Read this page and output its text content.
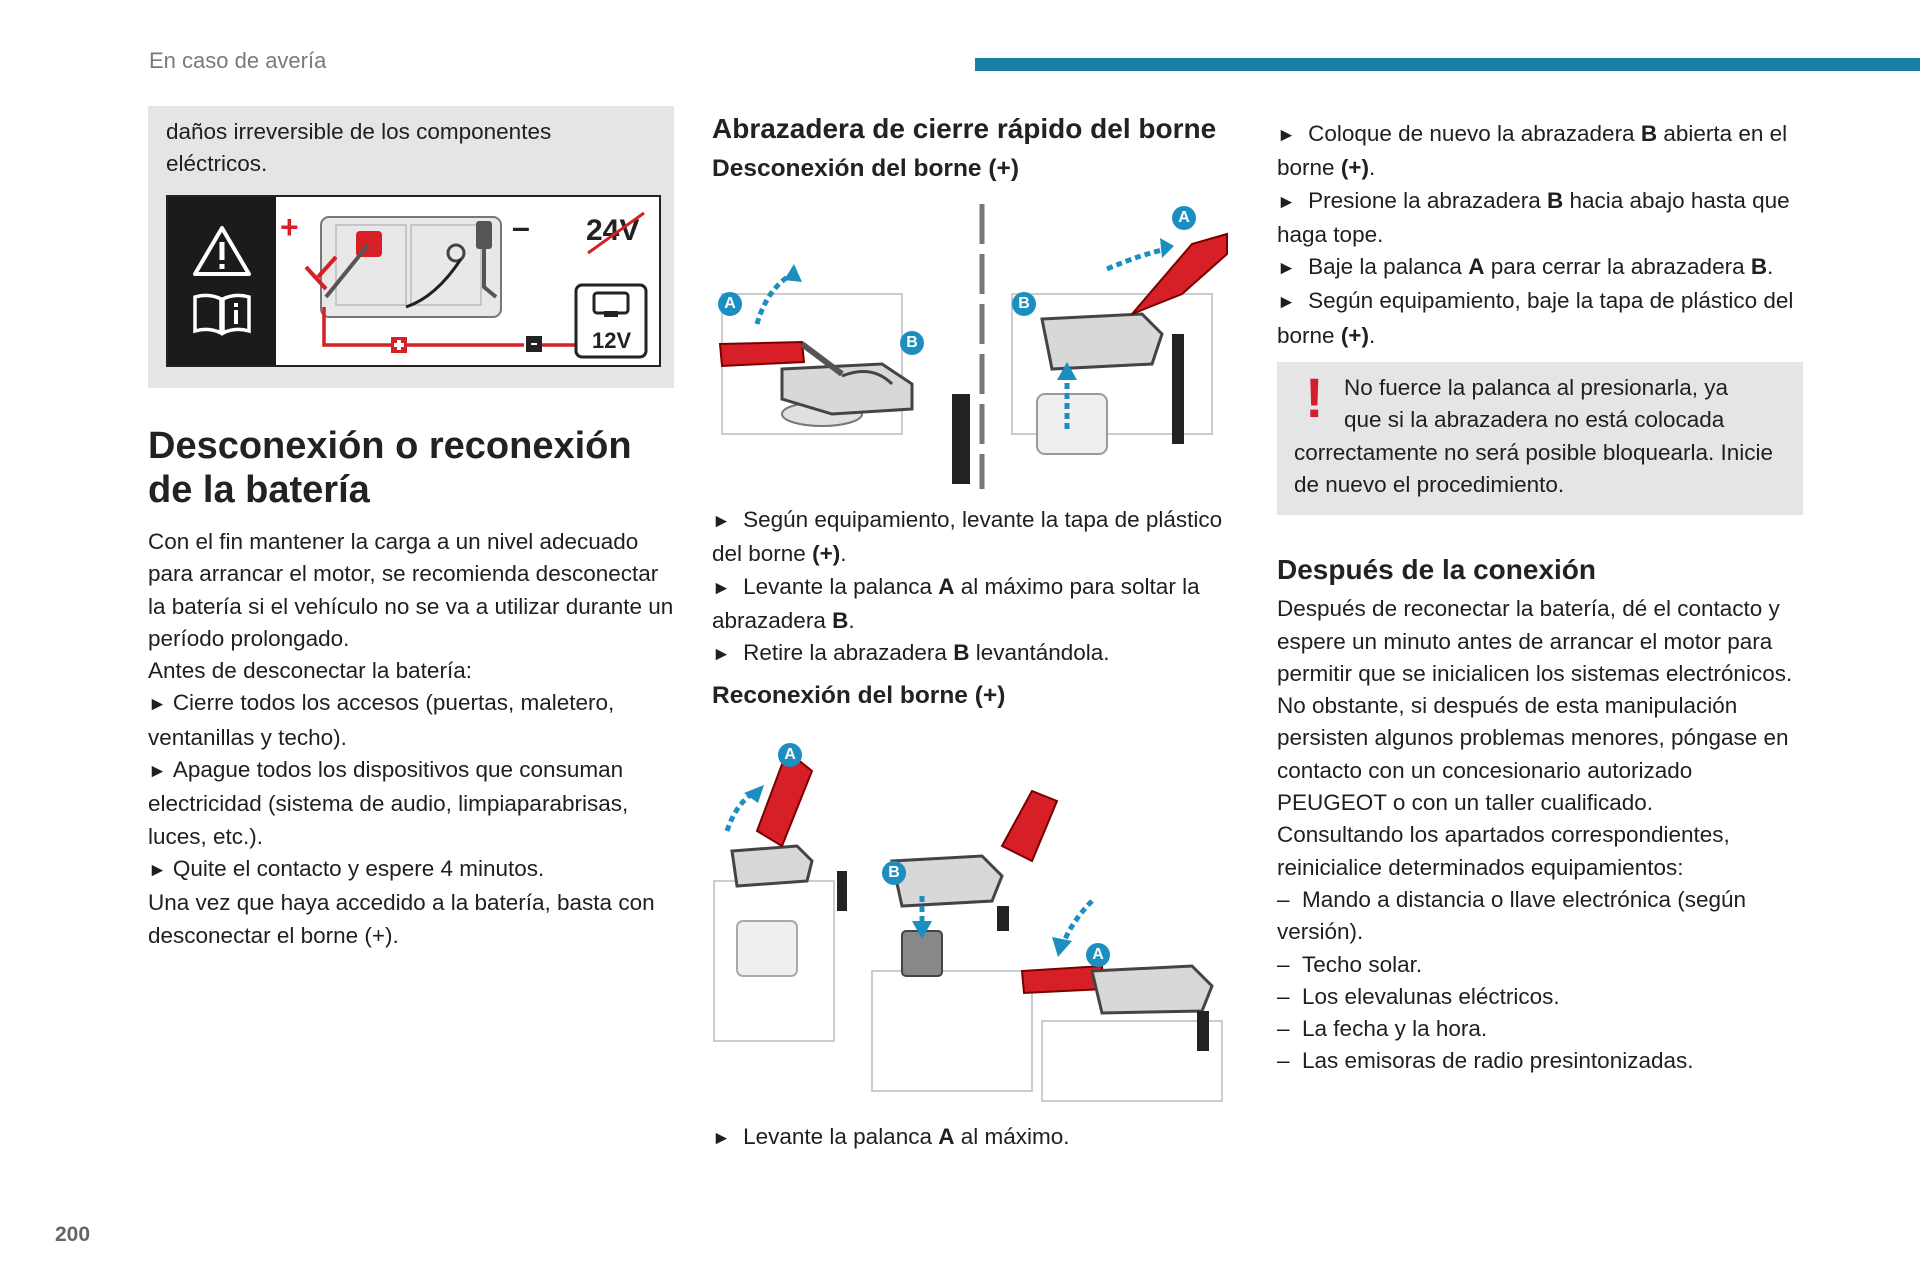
En caso de avería
200

daños irreversible de los componentes eléctricos.

+	– 24V
12V
Desconexión o reconexión de la batería

Con el fin mantener la carga a un nivel adecuado para arrancar el motor, se recomienda desconectar la batería si el vehículo no se va a utilizar durante un período prolongado.

Antes de desconectar la batería:

► Cierre todos los accesos (puertas, maletero, ventanillas y techo).

► Apague todos los dispositivos que consuman electricidad (sistema de audio, limpiaparabrisas, luces, etc.).

► Quite el contacto y espere 4 minutos.

Una vez que haya accedido a la batería, basta con desconectar el borne (+).

Abrazadera de cierre rápido del borne
Desconexión del borne (+)
A
B
B
A

► Según equipamiento, levante la tapa de plástico del borne (+).

► Levante la palanca A al máximo para soltar la abrazadera B.

► Retire la abrazadera B levantándola.

Reconexión del borne (+)
A
B
A

► Levante la palanca A al máximo.

► Coloque de nuevo la abrazadera B abierta en el borne (+).

► Presione la abrazadera B hacia abajo hasta que haga tope.

► Baje la palanca A para cerrar la abrazadera B.

► Según equipamiento, baje la tapa de plástico del borne (+).

! No fuerce la palanca al presionarla, ya

que si la abrazadera no está colocada

correctamente no será posible bloquearla. Inicie de nuevo el procedimiento.

Después de la conexión

Después de reconectar la batería, dé el contacto y espere un minuto antes de arrancar el motor para permitir que se inicialicen los sistemas electrónicos.

No obstante, si después de esta manipulación persisten algunos problemas menores, póngase en contacto con un concesionario autorizado PEUGEOT o con un taller cualificado.

Consultando los apartados correspondientes, reinicialice determinados equipamientos:

–  Mando a distancia o llave electrónica (según versión).

–  Techo solar.

–  Los elevalunas eléctricos.

–  La fecha y la hora.

–  Las emisoras de radio presintonizadas.
